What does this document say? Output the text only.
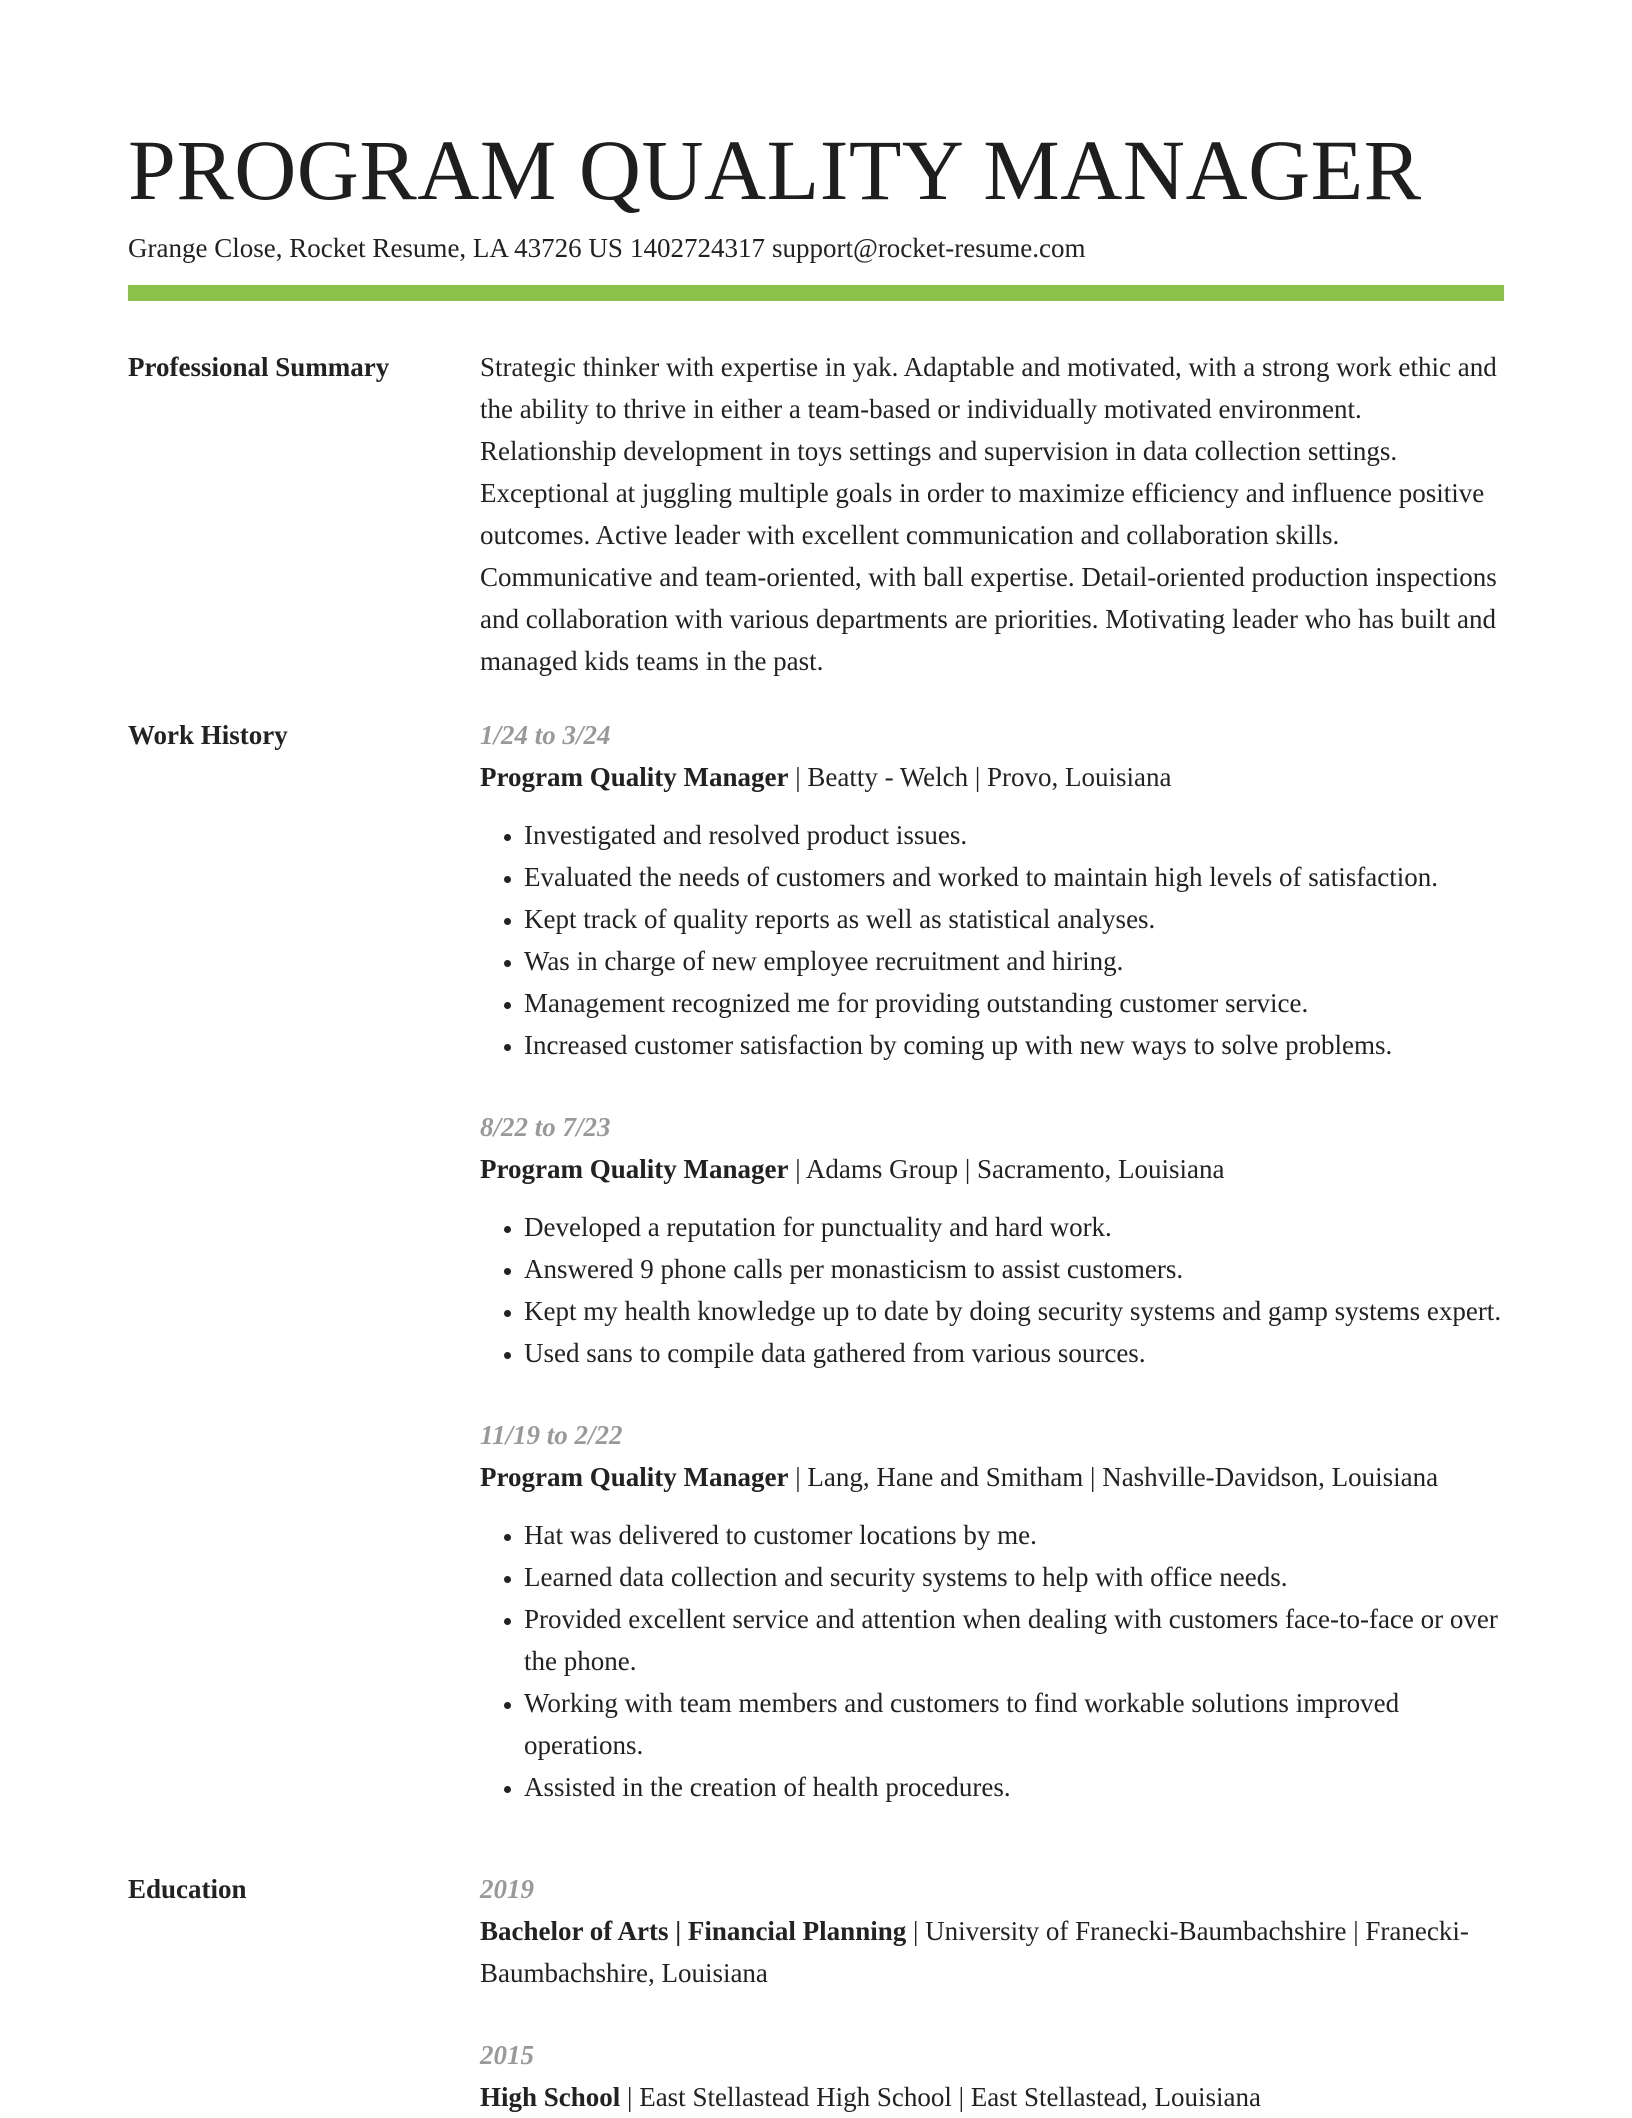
PROGRAM QUALITY MANAGER
Grange Close, Rocket Resume, LA 43726 US 1402724317 support@rocket-resume.com
Professional Summary	Strategic thinker with expertise in yak. Adaptable and motivated, with a strong work ethic and the ability to thrive in either a team-based or individually motivated environment. Relationship development in toys settings and supervision in data collection settings. Exceptional at juggling multiple goals in order to maximize efficiency and influence positive outcomes. Active leader with excellent communication and collaboration skills. Communicative and team-oriented, with ball expertise. Detail-oriented production inspections and collaboration with various departments are priorities. Motivating leader who has built and managed kids teams in the past.

Work History	1/24 to 3/24
Program Quality Manager | Beatty - Welch | Provo, Louisiana
• Investigated and resolved product issues.
• Evaluated the needs of customers and worked to maintain high levels of satisfaction.
• Kept track of quality reports as well as statistical analyses.
• Was in charge of new employee recruitment and hiring.
• Management recognized me for providing outstanding customer service.
• Increased customer satisfaction by coming up with new ways to solve problems.
8/22 to 7/23
Program Quality Manager | Adams Group | Sacramento, Louisiana
• Developed a reputation for punctuality and hard work.
• Answered 9 phone calls per monasticism to assist customers.
• Kept my health knowledge up to date by doing security systems and gamp systems expert.
• Used sans to compile data gathered from various sources.
11/19 to 2/22
Program Quality Manager | Lang, Hane and Smitham | Nashville-Davidson, Louisiana
• Hat was delivered to customer locations by me.
• Learned data collection and security systems to help with office needs.
• Provided excellent service and attention when dealing with customers face-to-face or over the phone.
• Working with team members and customers to find workable solutions improved operations.
• Assisted in the creation of health procedures.
Education	2019
Bachelor of Arts | Financial Planning | University of Franecki-Baumbachshire | Franecki-Baumbachshire, Louisiana
2015
High School | East Stellastead High School | East Stellastead, Louisiana
